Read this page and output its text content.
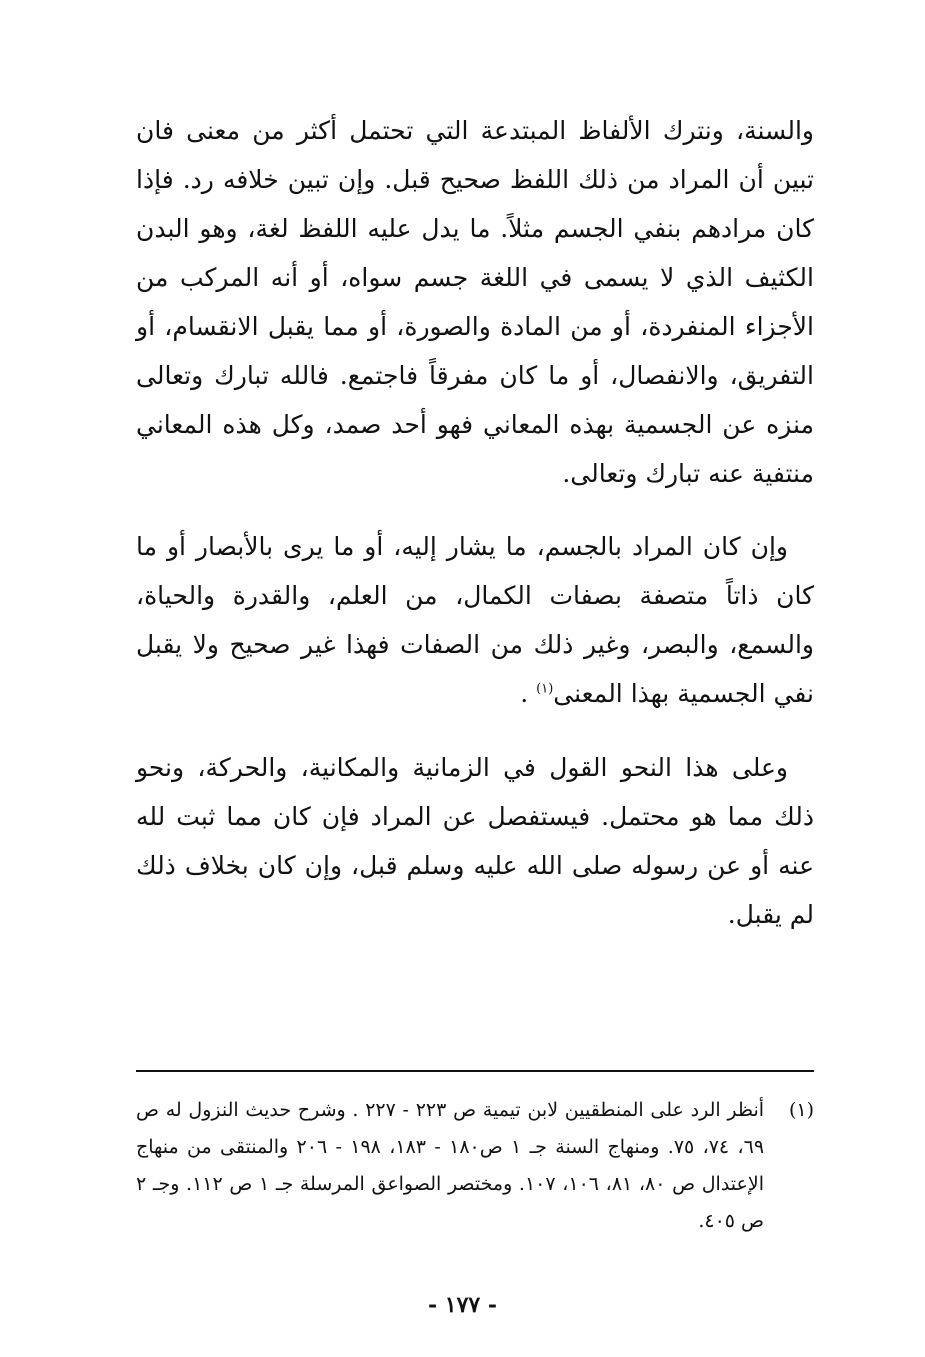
والسنة، ونترك الألفاظ المبتدعة التي تحتمل أكثر من معنى فان تبين أن المراد من ذلك اللفظ صحيح قبل. وإن تبين خلافه رد. فإذا كان مرادهم بنفي الجسم مثلاً. ما يدل عليه اللفظ لغة، وهو البدن الكثيف الذي لا يسمى في اللغة جسم سواه، أو أنه المركب من الأجزاء المنفردة، أو من المادة والصورة، أو مما يقبل الانقسام، أو التفريق، والانفصال، أو ما كان مفرقاً فاجتمع. فالله تبارك وتعالى منزه عن الجسمية بهذه المعاني فهو أحد صمد، وكل هذه المعاني منتفية عنه تبارك وتعالى.

وإن كان المراد بالجسم، ما يشار إليه، أو ما يرى بالأبصار أو ما كان ذاتاً متصفة بصفات الكمال، من العلم، والقدرة والحياة، والسمع، والبصر، وغير ذلك من الصفات فهذا غير صحيح ولا يقبل نفي الجسمية بهذا المعنى$^{(١)}$ .

وعلى هذا النحو القول في الزمانية والمكانية، والحركة، ونحو ذلك مما هو محتمل. فيستفصل عن المراد فإن كان مما ثبت لله عنه أو عن رسوله صلى الله عليه وسلم قبل، وإن كان بخلاف ذلك لم يقبل.

(١)
أنظر الرد على المنطقيين لابن تيمية ص ٢٢٣ - ٢٢٧ . وشرح حديث النزول له ص ٦٩، ٧٤، ٧٥. ومنهاج السنة جـ ١ ص١٨٠ - ١٨٣، ١٩٨ - ٢٠٦ والمنتقى من منهاج الإعتدال ص ٨٠، ٨١، ١٠٦، ١٠٧. ومختصر الصواعق المرسلة جـ ١ ص ١١٢. وجـ ٢ ص ٤٠٥.
- ١٧٧ -
